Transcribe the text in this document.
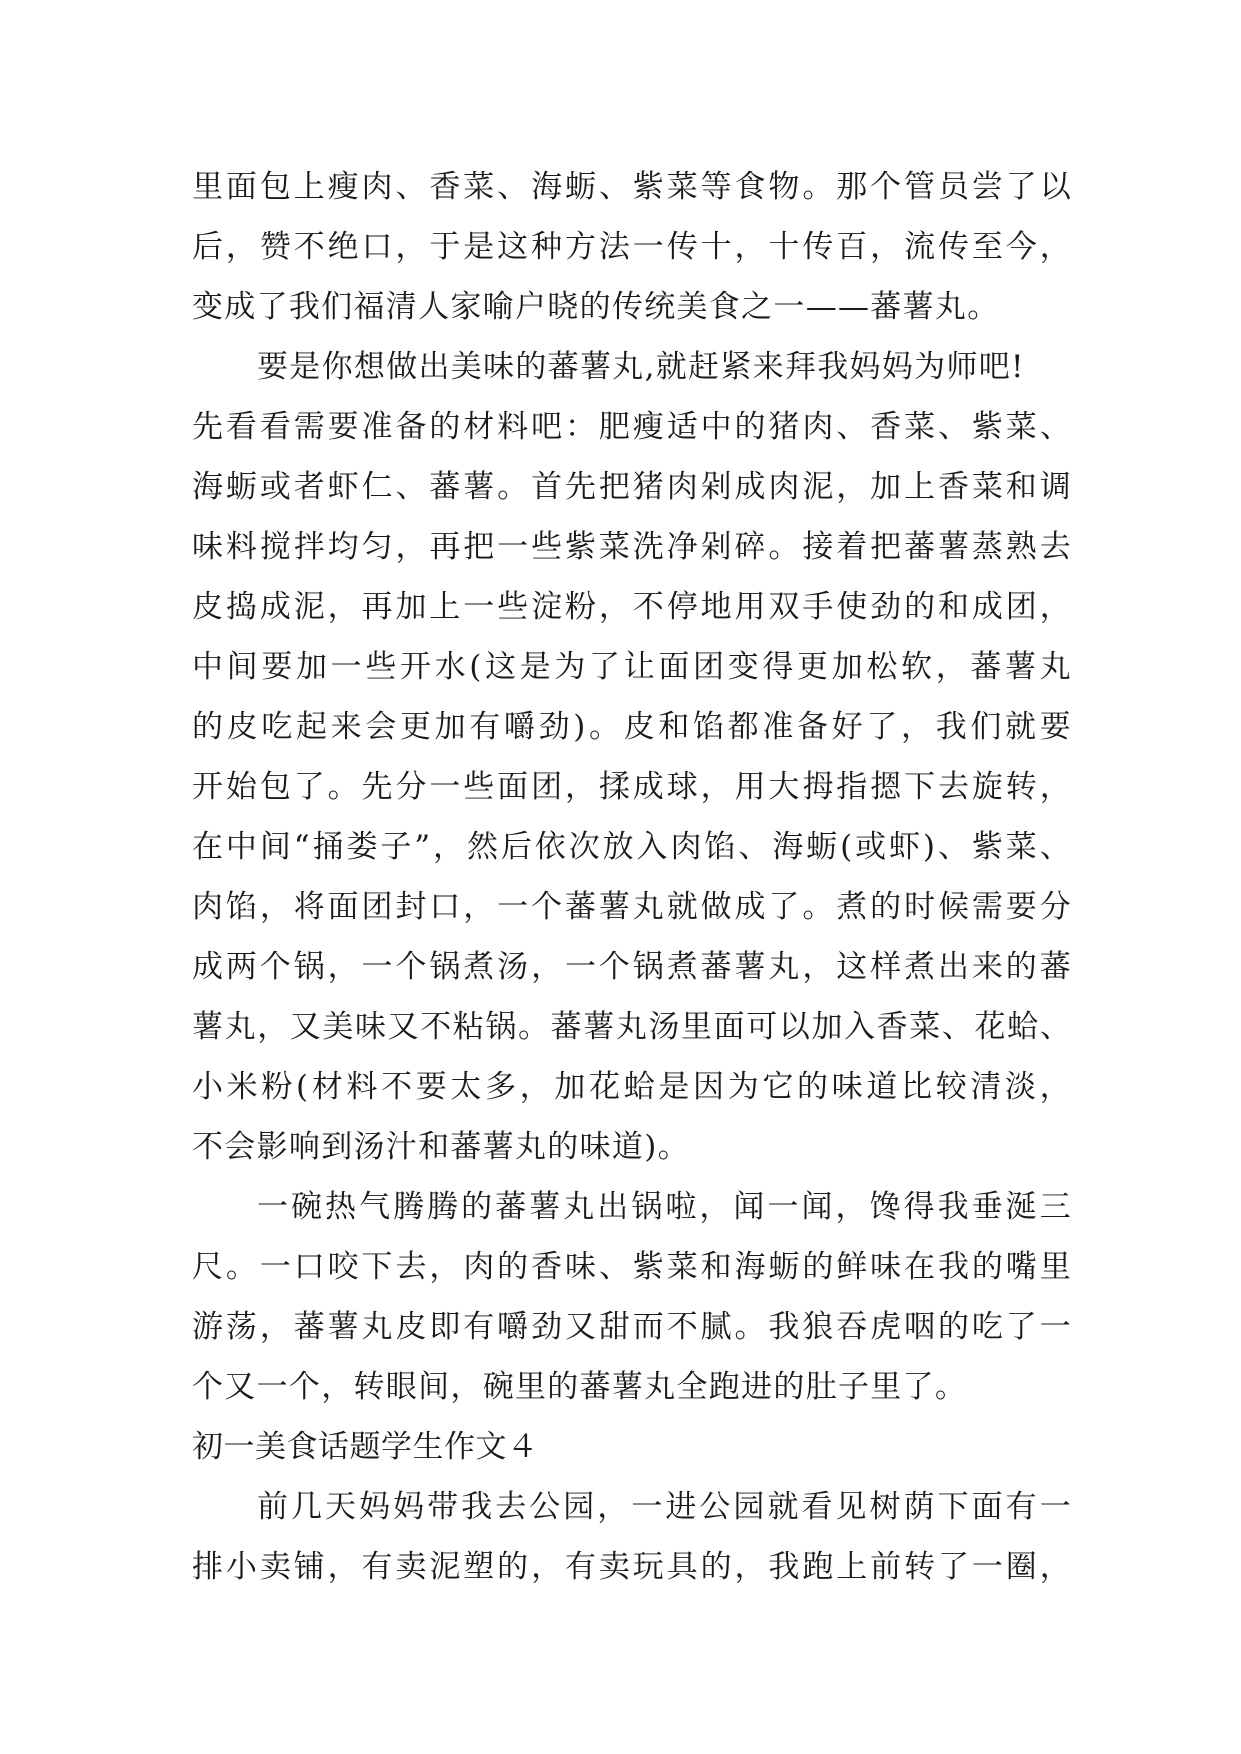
里面包上瘦肉、香菜、海蛎、紫菜等食物。那个管员尝了以
后，赞不绝口，于是这种方法一传十，十传百，流传至今，
变成了我们福清人家喻户晓的传统美食之一——蕃薯丸。
要是你想做出美味的蕃薯丸,就赶紧来拜我妈妈为师吧!
先看看需要准备的材料吧：肥瘦适中的猪肉、香菜、紫菜、
海蛎或者虾仁、蕃薯。首先把猪肉剁成肉泥，加上香菜和调
味料搅拌均匀，再把一些紫菜洗净剁碎。接着把蕃薯蒸熟去
皮捣成泥，再加上一些淀粉，不停地用双手使劲的和成团，
中间要加一些开水(这是为了让面团变得更加松软，蕃薯丸
的皮吃起来会更加有嚼劲)。皮和馅都准备好了，我们就要
开始包了。先分一些面团，揉成球，用大拇指摁下去旋转，
在中间“捅娄子”，然后依次放入肉馅、海蛎(或虾)、紫菜、
肉馅，将面团封口，一个蕃薯丸就做成了。煮的时候需要分
成两个锅，一个锅煮汤，一个锅煮蕃薯丸，这样煮出来的蕃
薯丸，又美味又不粘锅。蕃薯丸汤里面可以加入香菜、花蛤、
小米粉(材料不要太多，加花蛤是因为它的味道比较清淡，
不会影响到汤汁和蕃薯丸的味道)。
一碗热气腾腾的蕃薯丸出锅啦，闻一闻，馋得我垂涎三
尺。一口咬下去，肉的香味、紫菜和海蛎的鲜味在我的嘴里
游荡，蕃薯丸皮即有嚼劲又甜而不腻。我狼吞虎咽的吃了一
个又一个，转眼间，碗里的蕃薯丸全跑进的肚子里了。
初一美食话题学生作文４
前几天妈妈带我去公园，一进公园就看见树荫下面有一
排小卖铺，有卖泥塑的，有卖玩具的，我跑上前转了一圈，
